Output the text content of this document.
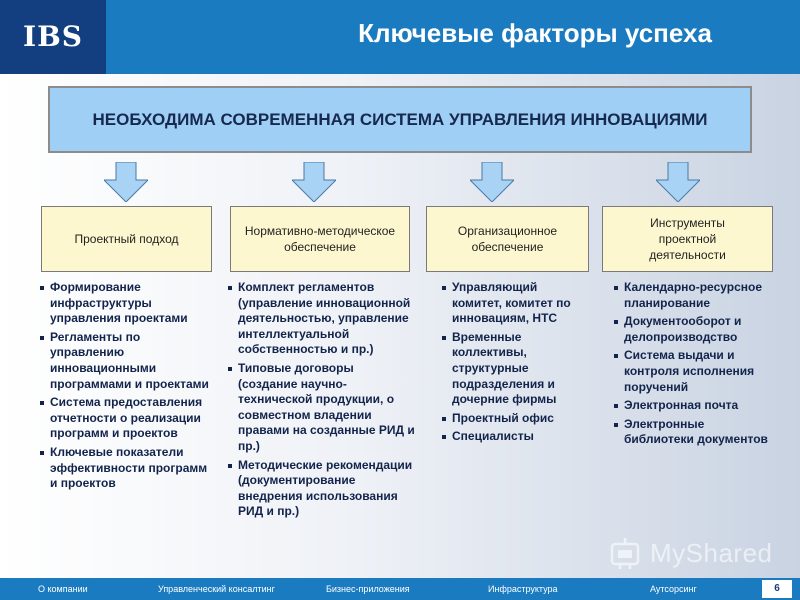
IBS	Ключевые факторы успеха
НЕОБХОДИМА СОВРЕМЕННАЯ СИСТЕМА УПРАВЛЕНИЯ ИННОВАЦИЯМИ
Проектный подход
Нормативно-методическое обеспечение
Организационное обеспечение
Инструменты проектной деятельности
Формирование инфраструктуры управления проектами
Регламенты по управлению инновационными программами и проектами
Система предоставления отчетности о реализации программ и проектов
Ключевые показатели эффективности программ и проектов
Комплект регламентов (управление инновационной деятельностью, управление интеллектуальной собственностью и пр.)
Типовые договоры (создание научно-технической продукции, о совместном владении правами на созданные РИД и пр.)
Методические рекомендации (документирование внедрения использования РИД и пр.)
Управляющий комитет, комитет по инновациям, НТС
Временные коллективы, структурные подразделения и дочерние фирмы
Проектный офис
Специалисты
Календарно-ресурсное планирование
Документооборот и делопроизводство
Система выдачи и контроля исполнения поручений
Электронная почта
Электронные библиотеки документов
MyShared
О компании	Управленческий консалтинг	Бизнес-приложения	Инфраструктура	Аутсорсинг	6
